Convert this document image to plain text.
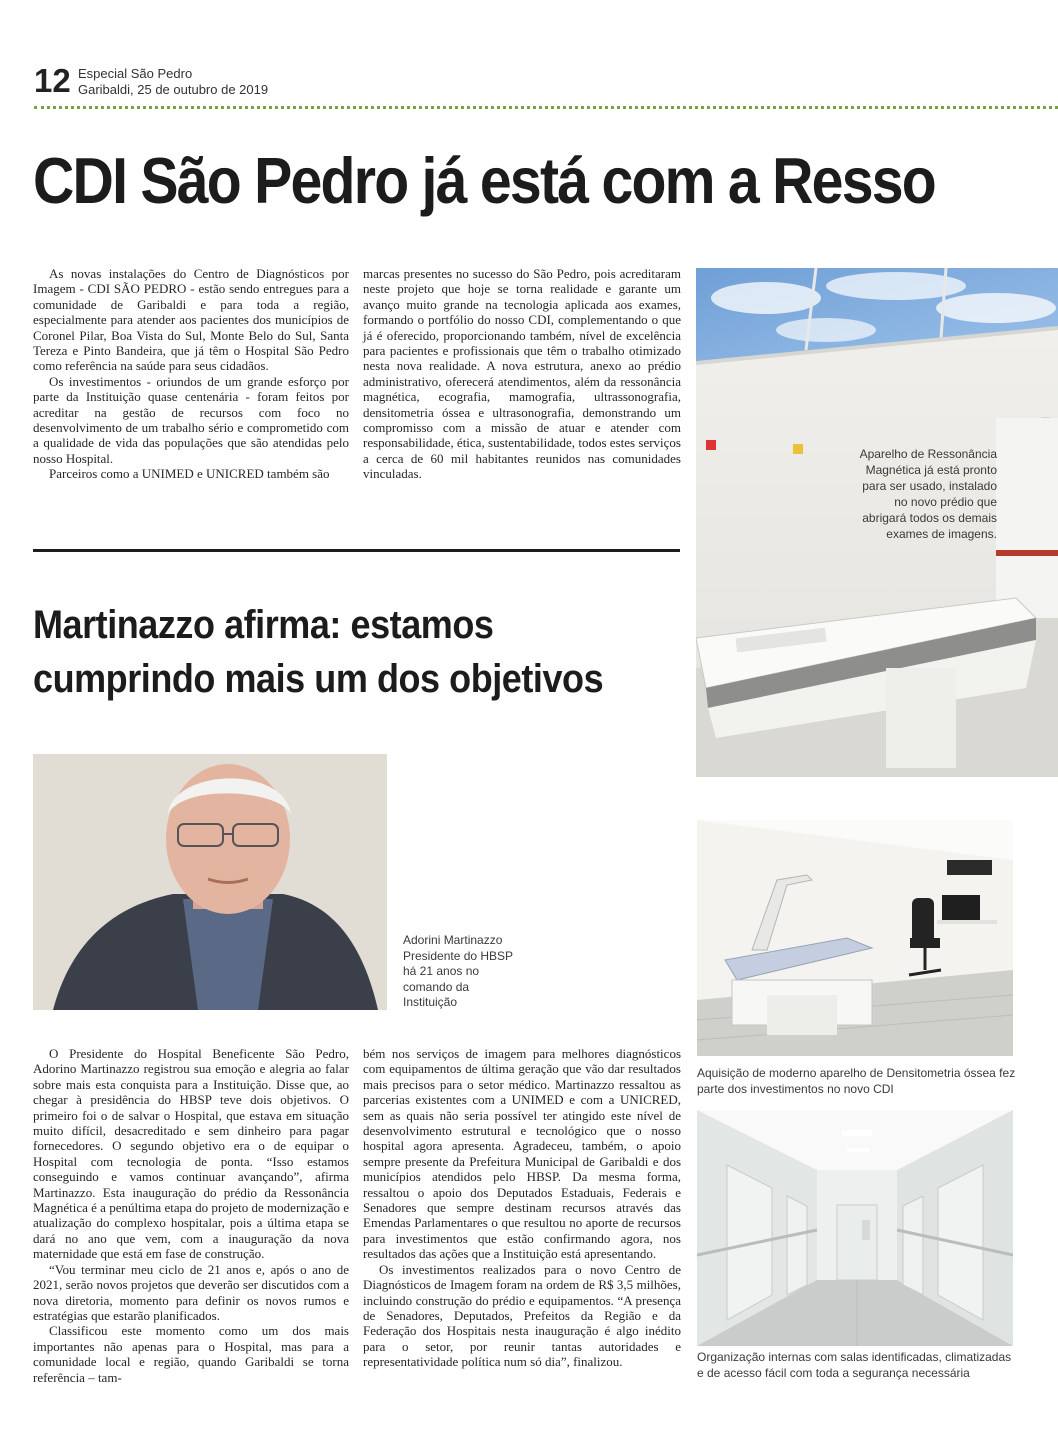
12 Especial São Pedro
Garibaldi, 25 de outubro de 2019
CDI São Pedro já está com a Resso

As novas instalações do Centro de Diagnósticos por Imagem - CDI SÃO PEDRO - estão sendo entregues para a comunidade de Garibaldi e para toda a região, especialmente para atender aos pacientes dos municípios de Coronel Pilar, Boa Vista do Sul, Monte Belo do Sul, Santa Tereza e Pinto Bandeira, que já têm o Hospital São Pedro como referência na saúde para seus cidadãos.

Os investimentos - oriundos de um grande esforço por parte da Instituição quase centenária - foram feitos por acreditar na gestão de recursos com foco no desenvolvimento de um trabalho sério e comprometido com a qualidade de vida das populações que são atendidas pelo nosso Hospital.

Parceiros como a UNIMED e UNICRED também são

marcas presentes no sucesso do São Pedro, pois acreditaram neste projeto que hoje se torna realidade e garante um avanço muito grande na tecnologia aplicada aos exames, formando o portfólio do nosso CDI, complementando o que já é oferecido, proporcionando também, nível de excelência para pacientes e profissionais que têm o trabalho otimizado nesta nova realidade. A nova estrutura, anexo ao prédio administrativo, oferecerá atendimentos, além da ressonância magnética, ecografia, mamografia, ultrassonografia, densitometria óssea e ultrasonografia, demonstrando um compromisso com a missão de atuar e atender com responsabilidade, ética, sustentabilidade, todos estes serviços a cerca de 60 mil habitantes reunidos nas comunidades vinculadas.

Aparelho de Ressonância Magnética já está pronto para ser usado, instalado no novo prédio que abrigará todos os demais exames de imagens.
Martinazzo afirma: estamos cumprindo mais um dos objetivos
Adorini Martinazzo Presidente do HBSP há 21 anos no comando da Instituição

O Presidente do Hospital Beneficente São Pedro, Adorino Martinazzo registrou sua emoção e alegria ao falar sobre mais esta conquista para a Instituição. Disse que, ao chegar à presidência do HBSP teve dois objetivos. O primeiro foi o de salvar o Hospital, que estava em situação muito difícil, desacreditado e sem dinheiro para pagar fornecedores. O segundo objetivo era o de equipar o Hospital com tecnologia de ponta. “Isso estamos conseguindo e vamos continuar avançando”, afirma Martinazzo. Esta inauguração do prédio da Ressonância Magnética é a penúltima etapa do projeto de modernização e atualização do complexo hospitalar, pois a última etapa se dará no ano que vem, com a inauguração da nova maternidade que está em fase de construção.

“Vou terminar meu ciclo de 21 anos e, após o ano de 2021, serão novos projetos que deverão ser discutidos com a nova diretoria, momento para definir os novos rumos e estratégias que estarão planificados.

Classificou este momento como um dos mais importantes não apenas para o Hospital, mas para a comunidade local e região, quando Garibaldi se torna referência – tam-

bém nos serviços de imagem para melhores diagnósticos com equipamentos de última geração que vão dar resultados mais precisos para o setor médico. Martinazzo ressaltou as parcerias existentes com a UNIMED e com a UNICRED, sem as quais não seria possível ter atingido este nível de desenvolvimento estrutural e tecnológico que o nosso hospital agora apresenta. Agradeceu, também, o apoio sempre presente da Prefeitura Municipal de Garibaldi e dos municípios atendidos pelo HBSP. Da mesma forma, ressaltou o apoio dos Deputados Estaduais, Federais e Senadores que sempre destinam recursos através das Emendas Parlamentares o que resultou no aporte de recursos para investimentos que estão confirmando agora, nos resultados das ações que a Instituição está apresentando.

Os investimentos realizados para o novo Centro de Diagnósticos de Imagem foram na ordem de R$ 3,5 milhões, incluindo construção do prédio e equipamentos. “A presença de Senadores, Deputados, Prefeitos da Região e da Federação dos Hospitais nesta inauguração é algo inédito para o setor, por reunir tantas autoridades e representatividade política num só dia”, finalizou.

Aquisição de moderno aparelho de Densitometria óssea fez parte dos investimentos no novo CDI
Organização internas com salas identificadas, climatizadas e de acesso fácil com toda a segurança necessária
